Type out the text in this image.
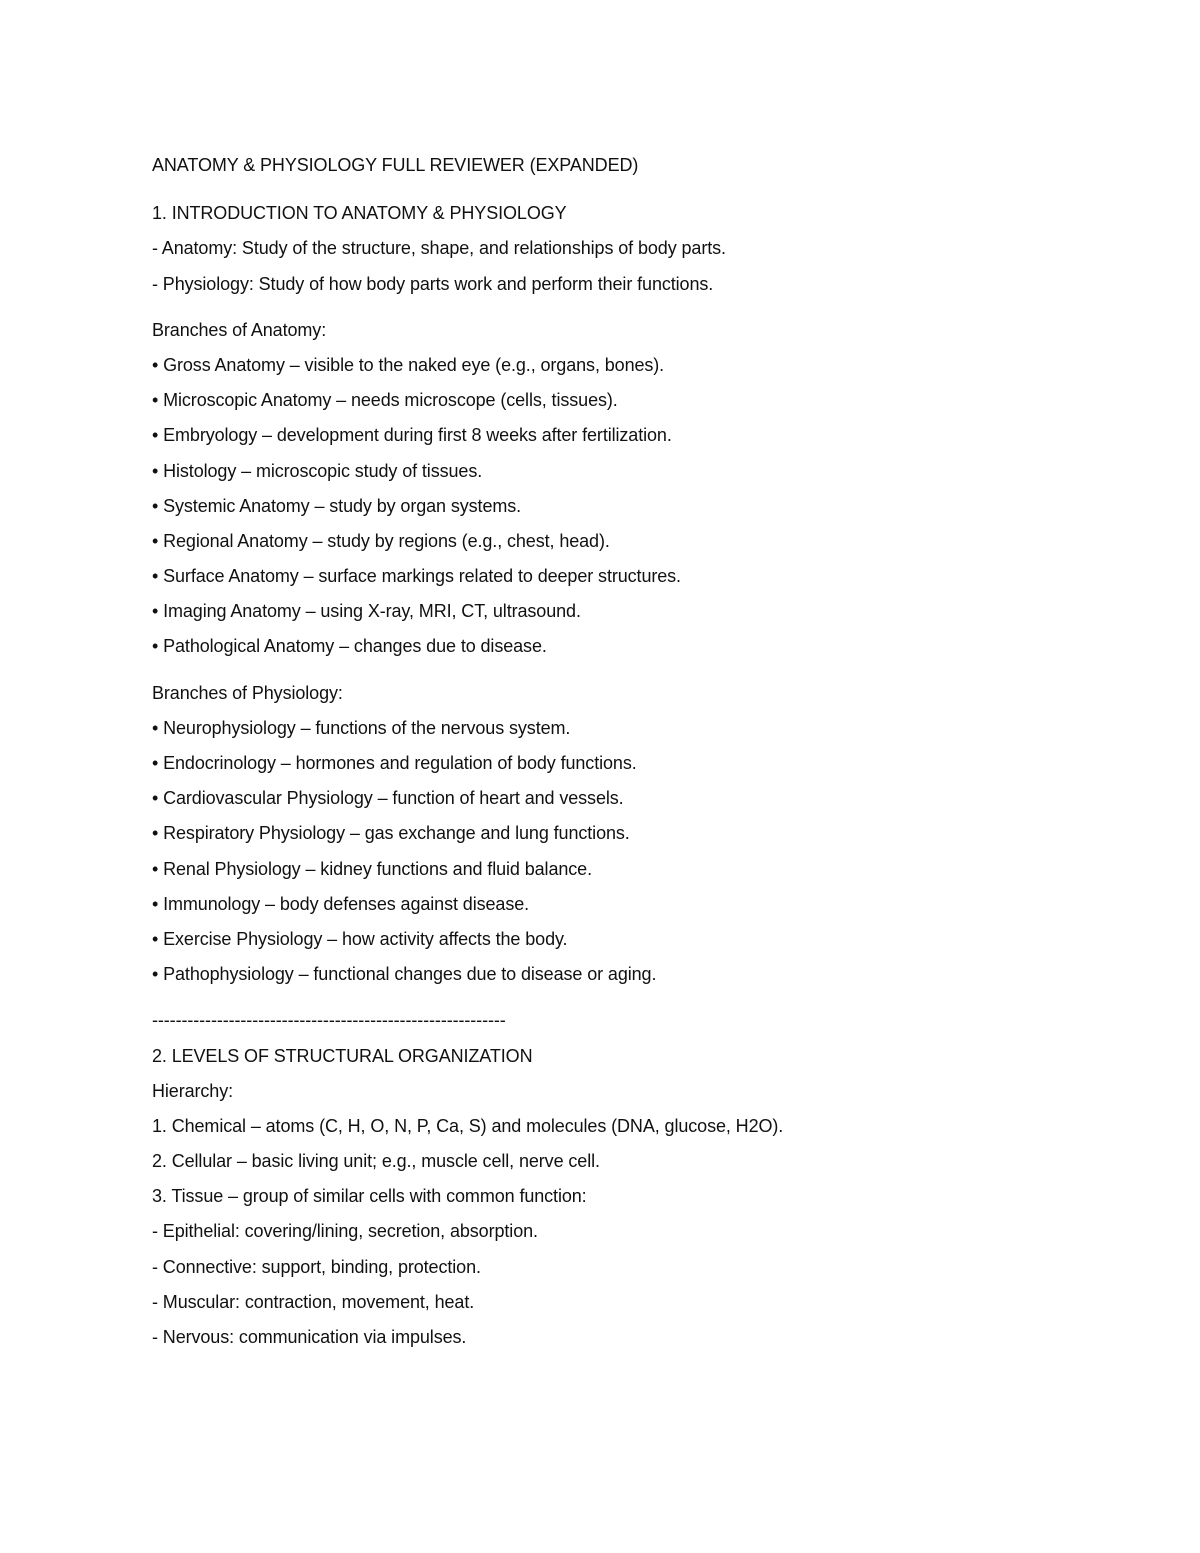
ANATOMY & PHYSIOLOGY FULL REVIEWER (EXPANDED)
1. INTRODUCTION TO ANATOMY & PHYSIOLOGY
- Anatomy: Study of the structure, shape, and relationships of body parts.
- Physiology: Study of how body parts work and perform their functions.
Branches of Anatomy:
• Gross Anatomy – visible to the naked eye (e.g., organs, bones).
• Microscopic Anatomy – needs microscope (cells, tissues).
• Embryology – development during first 8 weeks after fertilization.
• Histology – microscopic study of tissues.
• Systemic Anatomy – study by organ systems.
• Regional Anatomy – study by regions (e.g., chest, head).
• Surface Anatomy – surface markings related to deeper structures.
• Imaging Anatomy – using X-ray, MRI, CT, ultrasound.
• Pathological Anatomy – changes due to disease.
Branches of Physiology:
• Neurophysiology – functions of the nervous system.
• Endocrinology – hormones and regulation of body functions.
• Cardiovascular Physiology – function of heart and vessels.
• Respiratory Physiology – gas exchange and lung functions.
• Renal Physiology – kidney functions and fluid balance.
• Immunology – body defenses against disease.
• Exercise Physiology – how activity affects the body.
• Pathophysiology – functional changes due to disease or aging.
------------------------------------------------------------
2. LEVELS OF STRUCTURAL ORGANIZATION
Hierarchy:
1. Chemical – atoms (C, H, O, N, P, Ca, S) and molecules (DNA, glucose, H2O).
2. Cellular – basic living unit; e.g., muscle cell, nerve cell.
3. Tissue – group of similar cells with common function:
- Epithelial: covering/lining, secretion, absorption.
- Connective: support, binding, protection.
- Muscular: contraction, movement, heat.
- Nervous: communication via impulses.
